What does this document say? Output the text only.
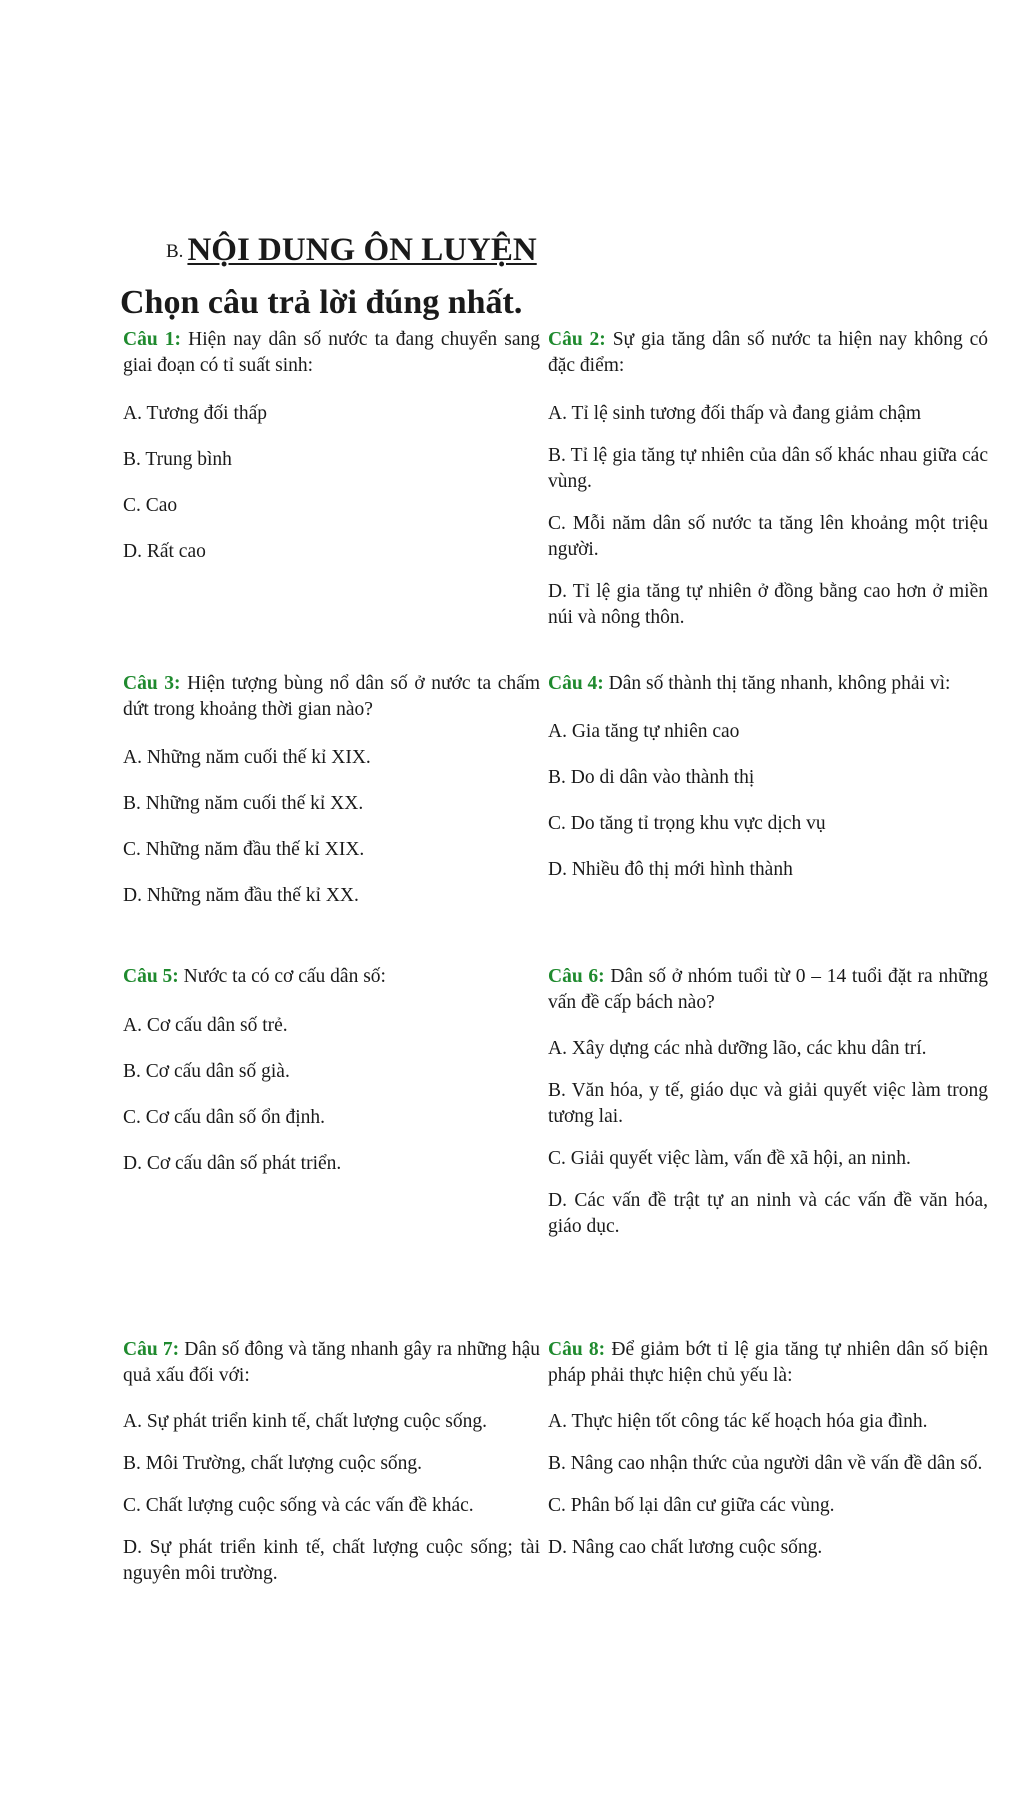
B. NỘI DUNG ÔN LUYỆN
Chọn câu trả lời đúng nhất.
Câu 1: Hiện nay dân số nước ta đang chuyển sang giai đoạn có tỉ suất sinh:
A. Tương đối thấp
B. Trung bình
C. Cao
D. Rất cao
Câu 2: Sự gia tăng dân số nước ta hiện nay không có đặc điểm:
A. Tỉ lệ sinh tương đối thấp và đang giảm chậm
B. Tỉ lệ gia tăng tự nhiên của dân số khác nhau giữa các vùng.
C. Mỗi năm dân số nước ta tăng lên khoảng một triệu người.
D. Tỉ lệ gia tăng tự nhiên ở đồng bằng cao hơn ở miền núi và nông thôn.
Câu 3: Hiện tượng bùng nổ dân số ở nước ta chấm dứt trong khoảng thời gian nào?
A. Những năm cuối thế kỉ XIX.
B. Những năm cuối thế kỉ XX.
C. Những năm đầu thế kỉ XIX.
D. Những năm đầu thế kỉ XX.
Câu 4: Dân số thành thị tăng nhanh, không phải vì:
A. Gia tăng tự nhiên cao
B. Do di dân vào thành thị
C. Do tăng tỉ trọng khu vực dịch vụ
D. Nhiều đô thị mới hình thành
Câu 5: Nước ta có cơ cấu dân số:
A. Cơ cấu dân số trẻ.
B. Cơ cấu dân số già.
C. Cơ cấu dân số ổn định.
D. Cơ cấu dân số phát triển.
Câu 6: Dân số ở nhóm tuổi từ 0 – 14 tuổi đặt ra những vấn đề cấp bách nào?
A. Xây dựng các nhà dưỡng lão, các khu dân trí.
B. Văn hóa, y tế, giáo dục và giải quyết việc làm trong tương lai.
C. Giải quyết việc làm, vấn đề xã hội, an ninh.
D. Các vấn đề trật tự an ninh và các vấn đề văn hóa, giáo dục.
Câu 7: Dân số đông và tăng nhanh gây ra những hậu quả xấu đối với:
A. Sự phát triển kinh tế, chất lượng cuộc sống.
B. Môi Trường, chất lượng cuộc sống.
C. Chất lượng cuộc sống và các vấn đề khác.
D. Sự phát triển kinh tế, chất lượng cuộc sống; tài nguyên môi trường.
Câu 8: Để giảm bớt tỉ lệ gia tăng tự nhiên dân số biện pháp phải thực hiện chủ yếu là:
A. Thực hiện tốt công tác kế hoạch hóa gia đình.
B. Nâng cao nhận thức của người dân về vấn đề dân số.
C. Phân bố lại dân cư giữa các vùng.
D. Nâng cao chất lương cuộc sống.
